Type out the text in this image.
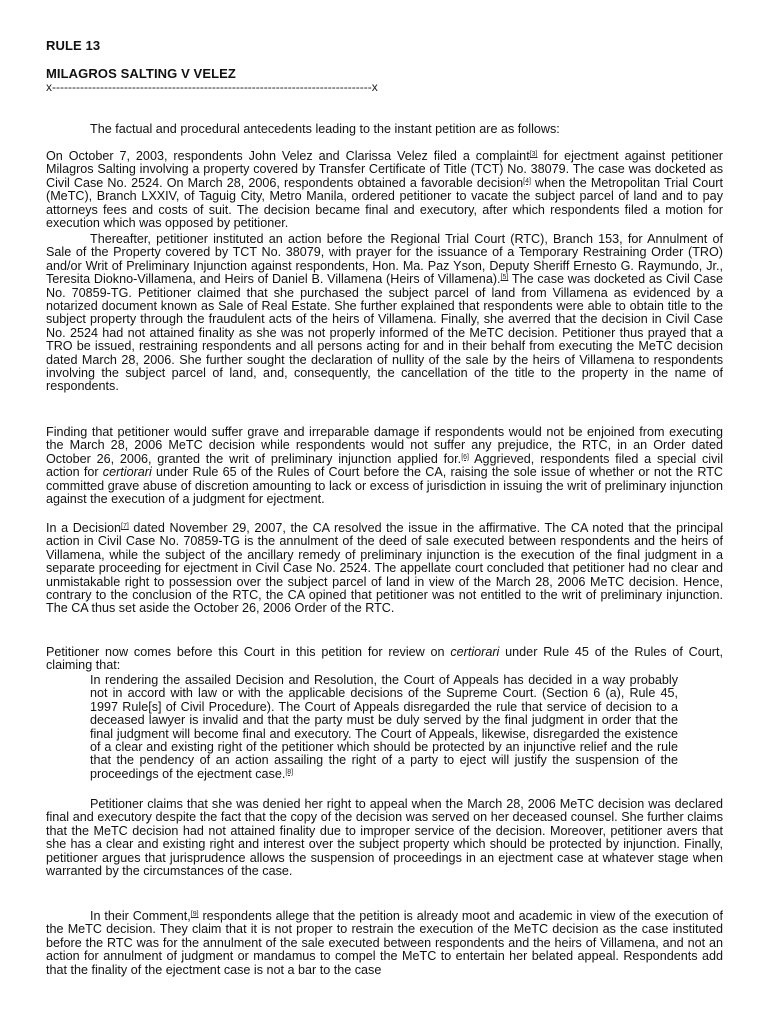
RULE 13
MILAGROS SALTING V VELEZ
x--------------------------------------------------------------------------------x

The factual and procedural antecedents leading to the instant petition are as follows:

On October 7, 2003, respondents John Velez and Clarissa Velez filed a complaint[3] for ejectment against petitioner Milagros Salting involving a property covered by Transfer Certificate of Title (TCT) No. 38079. The case was docketed as Civil Case No. 2524. On March 28, 2006, respondents obtained a favorable decision[4] when the Metropolitan Trial Court (MeTC), Branch LXXIV, of Taguig City, Metro Manila, ordered petitioner to vacate the subject parcel of land and to pay attorneys fees and costs of suit. The decision became final and executory, after which respondents filed a motion for execution which was opposed by petitioner.

Thereafter, petitioner instituted an action before the Regional Trial Court (RTC), Branch 153, for Annulment of Sale of the Property covered by TCT No. 38079, with prayer for the issuance of a Temporary Restraining Order (TRO) and/or Writ of Preliminary Injunction against respondents, Hon. Ma. Paz Yson, Deputy Sheriff Ernesto G. Raymundo, Jr., Teresita Diokno-Villamena, and Heirs of Daniel B. Villamena (Heirs of Villamena).[5] The case was docketed as Civil Case No. 70859-TG. Petitioner claimed that she purchased the subject parcel of land from Villamena as evidenced by a notarized document known as Sale of Real Estate. She further explained that respondents were able to obtain title to the subject property through the fraudulent acts of the heirs of Villamena. Finally, she averred that the decision in Civil Case No. 2524 had not attained finality as she was not properly informed of the MeTC decision. Petitioner thus prayed that a TRO be issued, restraining respondents and all persons acting for and in their behalf from executing the MeTC decision dated March 28, 2006. She further sought the declaration of nullity of the sale by the heirs of Villamena to respondents involving the subject parcel of land, and, consequently, the cancellation of the title to the property in the name of respondents.

Finding that petitioner would suffer grave and irreparable damage if respondents would not be enjoined from executing the March 28, 2006 MeTC decision while respondents would not suffer any prejudice, the RTC, in an Order dated October 26, 2006, granted the writ of preliminary injunction applied for.[6] Aggrieved, respondents filed a special civil action for certiorari under Rule 65 of the Rules of Court before the CA, raising the sole issue of whether or not the RTC committed grave abuse of discretion amounting to lack or excess of jurisdiction in issuing the writ of preliminary injunction against the execution of a judgment for ejectment.

In a Decision[7] dated November 29, 2007, the CA resolved the issue in the affirmative. The CA noted that the principal action in Civil Case No. 70859-TG is the annulment of the deed of sale executed between respondents and the heirs of Villamena, while the subject of the ancillary remedy of preliminary injunction is the execution of the final judgment in a separate proceeding for ejectment in Civil Case No. 2524. The appellate court concluded that petitioner had no clear and unmistakable right to possession over the subject parcel of land in view of the March 28, 2006 MeTC decision. Hence, contrary to the conclusion of the RTC, the CA opined that petitioner was not entitled to the writ of preliminary injunction. The CA thus set aside the October 26, 2006 Order of the RTC.

Petitioner now comes before this Court in this petition for review on certiorari under Rule 45 of the Rules of Court, claiming that:

In rendering the assailed Decision and Resolution, the Court of Appeals has decided in a way probably not in accord with law or with the applicable decisions of the Supreme Court. (Section 6 (a), Rule 45, 1997 Rule[s] of Civil Procedure). The Court of Appeals disregarded the rule that service of decision to a deceased lawyer is invalid and that the party must be duly served by the final judgment in order that the final judgment will become final and executory. The Court of Appeals, likewise, disregarded the existence of a clear and existing right of the petitioner which should be protected by an injunctive relief and the rule that the pendency of an action assailing the right of a party to eject will justify the suspension of the proceedings of the ejectment case.[8]

Petitioner claims that she was denied her right to appeal when the March 28, 2006 MeTC decision was declared final and executory despite the fact that the copy of the decision was served on her deceased counsel. She further claims that the MeTC decision had not attained finality due to improper service of the decision. Moreover, petitioner avers that she has a clear and existing right and interest over the subject property which should be protected by injunction. Finally, petitioner argues that jurisprudence allows the suspension of proceedings in an ejectment case at whatever stage when warranted by the circumstances of the case.

In their Comment,[9] respondents allege that the petition is already moot and academic in view of the execution of the MeTC decision. They claim that it is not proper to restrain the execution of the MeTC decision as the case instituted before the RTC was for the annulment of the sale executed between respondents and the heirs of Villamena, and not an action for annulment of judgment or mandamus to compel the MeTC to entertain her belated appeal. Respondents add that the finality of the ejectment case is not a bar to the case
